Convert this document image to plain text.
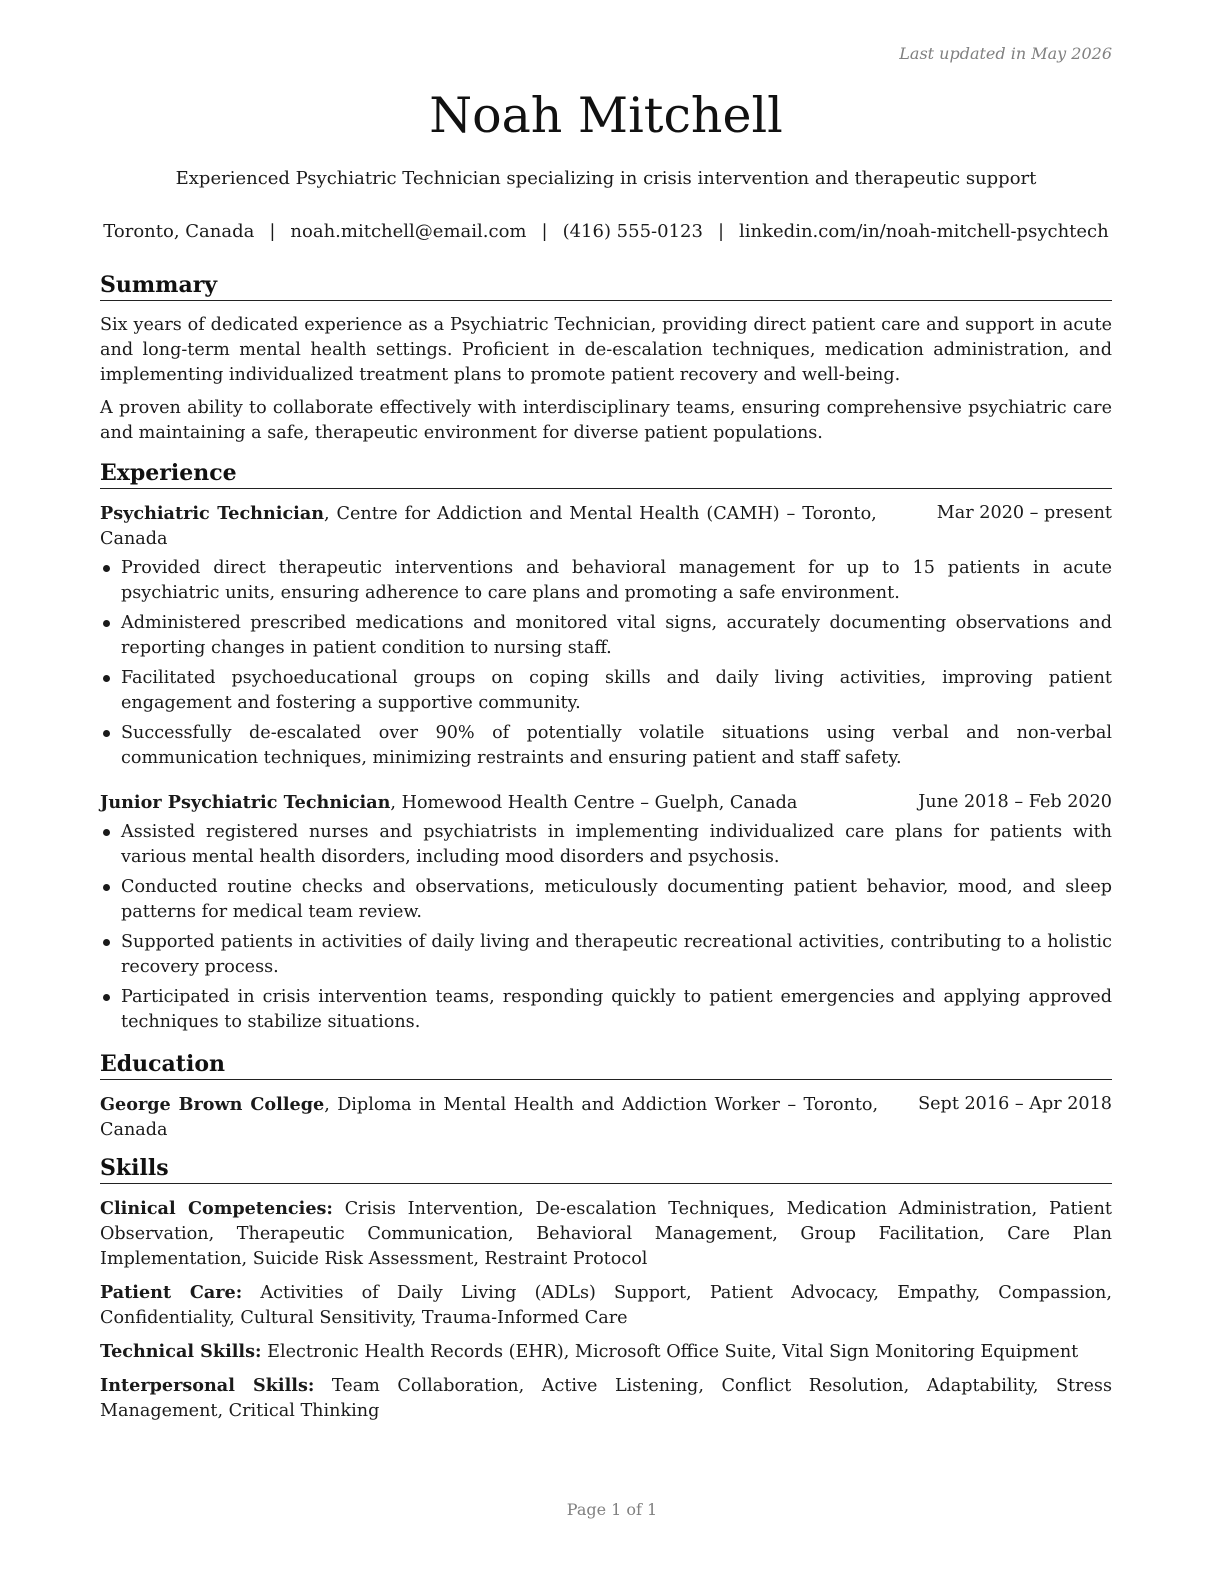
Last updated in May 2026
Noah Mitchell
Experienced Psychiatric Technician specializing in crisis intervention and therapeutic support
Toronto, Canada | noah.mitchell@email.com | (416) 555-0123 | linkedin.com/in/noah-mitchell-psychtech
Summary

Six years of dedicated experience as a Psychiatric Technician, providing direct patient care and support in acute and long-term mental health settings. Proficient in de-escalation techniques, medication administration, and implementing individualized treatment plans to promote patient recovery and well-being.

A proven ability to collaborate effectively with interdisciplinary teams, ensuring comprehensive psychiatric care and maintaining a safe, therapeutic environment for diverse patient populations.

Experience
Psychiatric Technician, Centre for Addiction and Mental Health (CAMH) – Toronto, Canada
Mar 2020 – present
Provided direct therapeutic interventions and behavioral management for up to 15 patients in acute psychiatric units, ensuring adherence to care plans and promoting a safe environment.
Administered prescribed medications and monitored vital signs, accurately documenting observations and reporting changes in patient condition to nursing staff.
Facilitated psychoeducational groups on coping skills and daily living activities, improving patient engagement and fostering a supportive community.
Successfully de-escalated over 90% of potentially volatile situations using verbal and non-verbal communication techniques, minimizing restraints and ensuring patient and staff safety.
Junior Psychiatric Technician, Homewood Health Centre – Guelph, Canada	June 2018 – Feb 2020
Assisted registered nurses and psychiatrists in implementing individualized care plans for patients with various mental health disorders, including mood disorders and psychosis.
Conducted routine checks and observations, meticulously documenting patient behavior, mood, and sleep patterns for medical team review.
Supported patients in activities of daily living and therapeutic recreational activities, contributing to a holistic recovery process.
Participated in crisis intervention teams, responding quickly to patient emergencies and applying approved techniques to stabilize situations.
Education
George Brown College, Diploma in Mental Health and Addiction Worker – Toronto, Canada
Sept 2016 – Apr 2018
Skills
Clinical Competencies: Crisis Intervention, De-escalation Techniques, Medication Administration, Patient Observation, Therapeutic Communication, Behavioral Management, Group Facilitation, Care Plan Implementation, Suicide Risk Assessment, Restraint Protocol
Patient Care: Activities of Daily Living (ADLs) Support, Patient Advocacy, Empathy, Compassion, Confidentiality, Cultural Sensitivity, Trauma-Informed Care
Technical Skills: Electronic Health Records (EHR), Microsoft Office Suite, Vital Sign Monitoring Equipment
Interpersonal Skills: Team Collaboration, Active Listening, Conflict Resolution, Adaptability, Stress Management, Critical Thinking
Page 1 of 1
